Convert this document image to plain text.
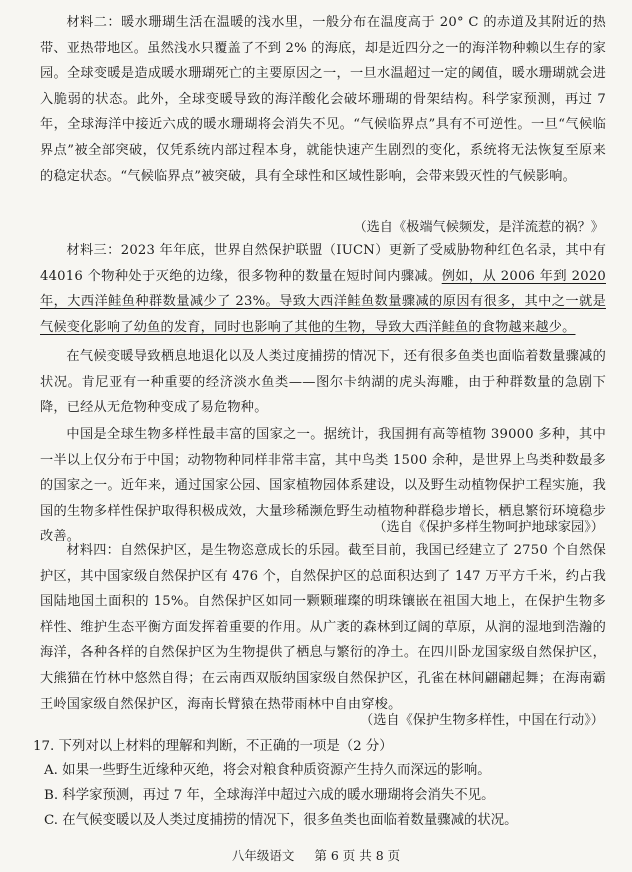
材料二：暖水珊瑚生活在温暖的浅水里，一般分布在温度高于 20° C 的赤道及其附近的热带、亚热带地区。虽然浅水只覆盖了不到 2% 的海底，却是近四分之一的海洋物种赖以生存的家园。全球变暖是造成暖水珊瑚死亡的主要原因之一，一旦水温超过一定的阈值，暖水珊瑚就会进入脆弱的状态。此外，全球变暖导致的海洋酸化会破坏珊瑚的骨架结构。科学家预测，再过 7 年，全球海洋中接近六成的暖水珊瑚将会消失不见。“气候临界点”具有不可逆性。一旦“气候临界点”被全部突破，仅凭系统内部过程本身，就能快速产生剧烈的变化，系统将无法恢复至原来的稳定状态。“气候临界点”被突破，具有全球性和区域性影响，会带来毁灭性的气候影响。

（选自《极端气候频发，是洋流惹的祸？》

材料三：2023 年年底，世界自然保护联盟（IUCN）更新了受威胁物种红色名录，其中有 44016 个物种处于灭绝的边缘，很多物种的数量在短时间内骤减。例如，从 2006 年到 2020 年，大西洋鲑鱼种群数量减少了 23%。导致大西洋鲑鱼数量骤减的原因有很多，其中之一就是气候变化影响了幼鱼的发育，同时也影响了其他的生物，导致大西洋鲑鱼的食物越来越少。

在气候变暖导致栖息地退化以及人类过度捕捞的情况下，还有很多鱼类也面临着数量骤减的状况。肯尼亚有一种重要的经济淡水鱼类——图尔卡纳湖的虎头海雕，由于种群数量的急剧下降，已经从无危物种变成了易危物种。

中国是全球生物多样性最丰富的国家之一。据统计，我国拥有高等植物 39000 多种，其中一半以上仅分布于中国；动物物种同样非常丰富，其中鸟类 1500 余种，是世界上鸟类种数最多的国家之一。近年来，通过国家公园、国家植物园体系建设，以及野生动植物保护工程实施，我国的生物多样性保护取得积极成效，大量珍稀濒危野生动植物种群稳步增长，栖息繁衍环境稳步改善。

（选自《保护多样生物呵护地球家园》）

材料四：自然保护区，是生物恣意成长的乐园。截至目前，我国已经建立了 2750 个自然保护区，其中国家级自然保护区有 476 个，自然保护区的总面积达到了 147 万平方千米，约占我国陆地国土面积的 15%。自然保护区如同一颗颗璀璨的明珠镶嵌在祖国大地上，在保护生物多样性、维护生态平衡方面发挥着重要的作用。从广袤的森林到辽阔的草原，从润的湿地到浩瀚的海洋，各种各样的自然保护区为生物提供了栖息与繁衍的净土。在四川卧龙国家级自然保护区，大熊猫在竹林中悠然自得；在云南西双版纳国家级自然保护区，孔雀在林间翩翩起舞；在海南霸王岭国家级自然保护区，海南长臂猿在热带雨林中自由穿梭。

（选自《保护生物多样性，中国在行动》）

17. 下列对以上材料的理解和判断，不正确的一项是（2 分）

A. 如果一些野生近缘种灭绝，将会对粮食种质资源产生持久而深远的影响。

B. 科学家预测，再过 7 年，全球海洋中超过六成的暖水珊瑚将会消失不见。

C. 在气候变暖以及人类过度捕捞的情况下，很多鱼类也面临着数量骤减的状况。

八年级语文 第 6 页 共 8 页
